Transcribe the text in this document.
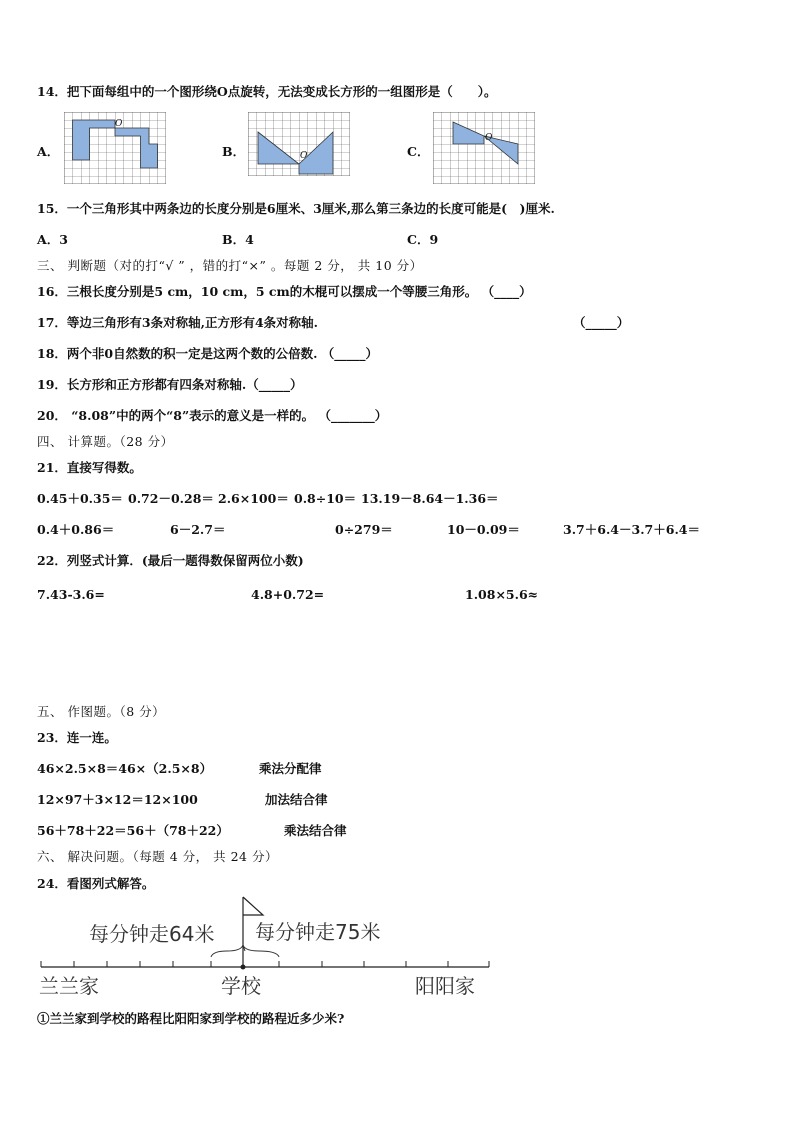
14．把下面每组中的一个图形绕O点旋转，无法变成长方形的一组图形是（　　）。
A．
O
B．	O	C．
O
15．一个三角形其中两条边的长度分别是6厘米、3厘米,那么第三条边的长度可能是(　)厘米.
A．3	B．4	C．9
三、 判断题（对的打“√ ” ，错的打“×” 。每题 2 分， 共 10 分）
16．三根长度分别是5 cm，10 cm，5 cm的木棍可以摆成一个等腰三角形。 （____）
17．等边三角形有3条对称轴,正方形有4条对称轴.	（_____）
18．两个非0自然数的积一定是这两个数的公倍数. （_____）
19．长方形和正方形都有四条对称轴.（_____）
20． “8.08”中的两个“8”表示的意义是一样的。 （_______）
四、 计算题。（28 分）
21．直接写得数。
0.45＋0.35＝ 0.72－0.28＝ 2.6×100＝ 0.8÷10＝ 13.19－8.64－1.36＝
0.4＋0.86＝	6－2.7＝	0÷279＝	10－0.09＝	3.7＋6.4－3.7＋6.4＝
22．列竖式计算．(最后一题得数保留两位小数)
7.43-3.6=	4.8+0.72=	1.08×5.6≈
五、 作图题。（8 分）
23．连一连。
46×2.5×8＝46×（2.5×8）	乘法分配律
12×97＋3×12＝12×100	加法结合律
56＋78＋22＝56＋（78＋22）	乘法结合律
六、 解决问题。（每题 4 分， 共 24 分）
24．看图列式解答。
每分钟走64米 每分钟走75米
兰兰家	学校	阳阳家
①兰兰家到学校的路程比阳阳家到学校的路程近多少米?
